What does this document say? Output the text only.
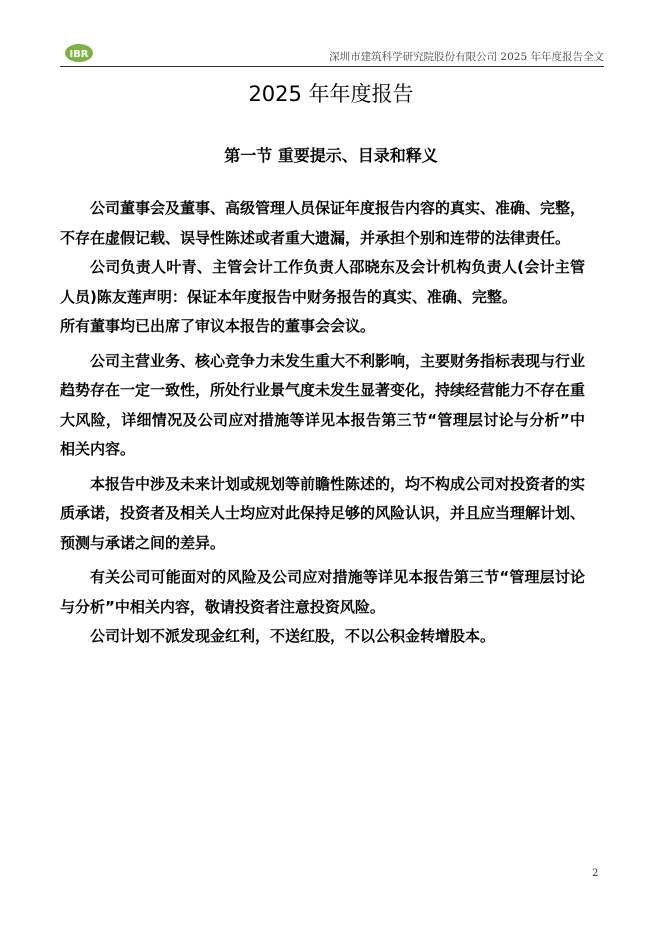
IBR	深圳市建筑科学研究院股份有限公司 2025 年年度报告全文
2025 年年度报告
第一节 重要提示、目录和释义

公司董事会及董事、高级管理人员保证年度报告内容的真实、准确、完整，不存在虚假记载、误导性陈述或者重大遗漏，并承担个别和连带的法律责任。

公司负责人叶青、主管会计工作负责人邵晓东及会计机构负责人(会计主管人员)陈友莲声明：保证本年度报告中财务报告的真实、准确、完整。

所有董事均已出席了审议本报告的董事会会议。

公司主营业务、核心竞争力未发生重大不利影响，主要财务指标表现与行业趋势存在一定一致性，所处行业景气度未发生显著变化，持续经营能力不存在重大风险，详细情况及公司应对措施等详见本报告第三节“管理层讨论与分析”中相关内容。

本报告中涉及未来计划或规划等前瞻性陈述的，均不构成公司对投资者的实质承诺，投资者及相关人士均应对此保持足够的风险认识，并且应当理解计划、预测与承诺之间的差异。

有关公司可能面对的风险及公司应对措施等详见本报告第三节“管理层讨论与分析”中相关内容，敬请投资者注意投资风险。

公司计划不派发现金红利，不送红股，不以公积金转增股本。

2
